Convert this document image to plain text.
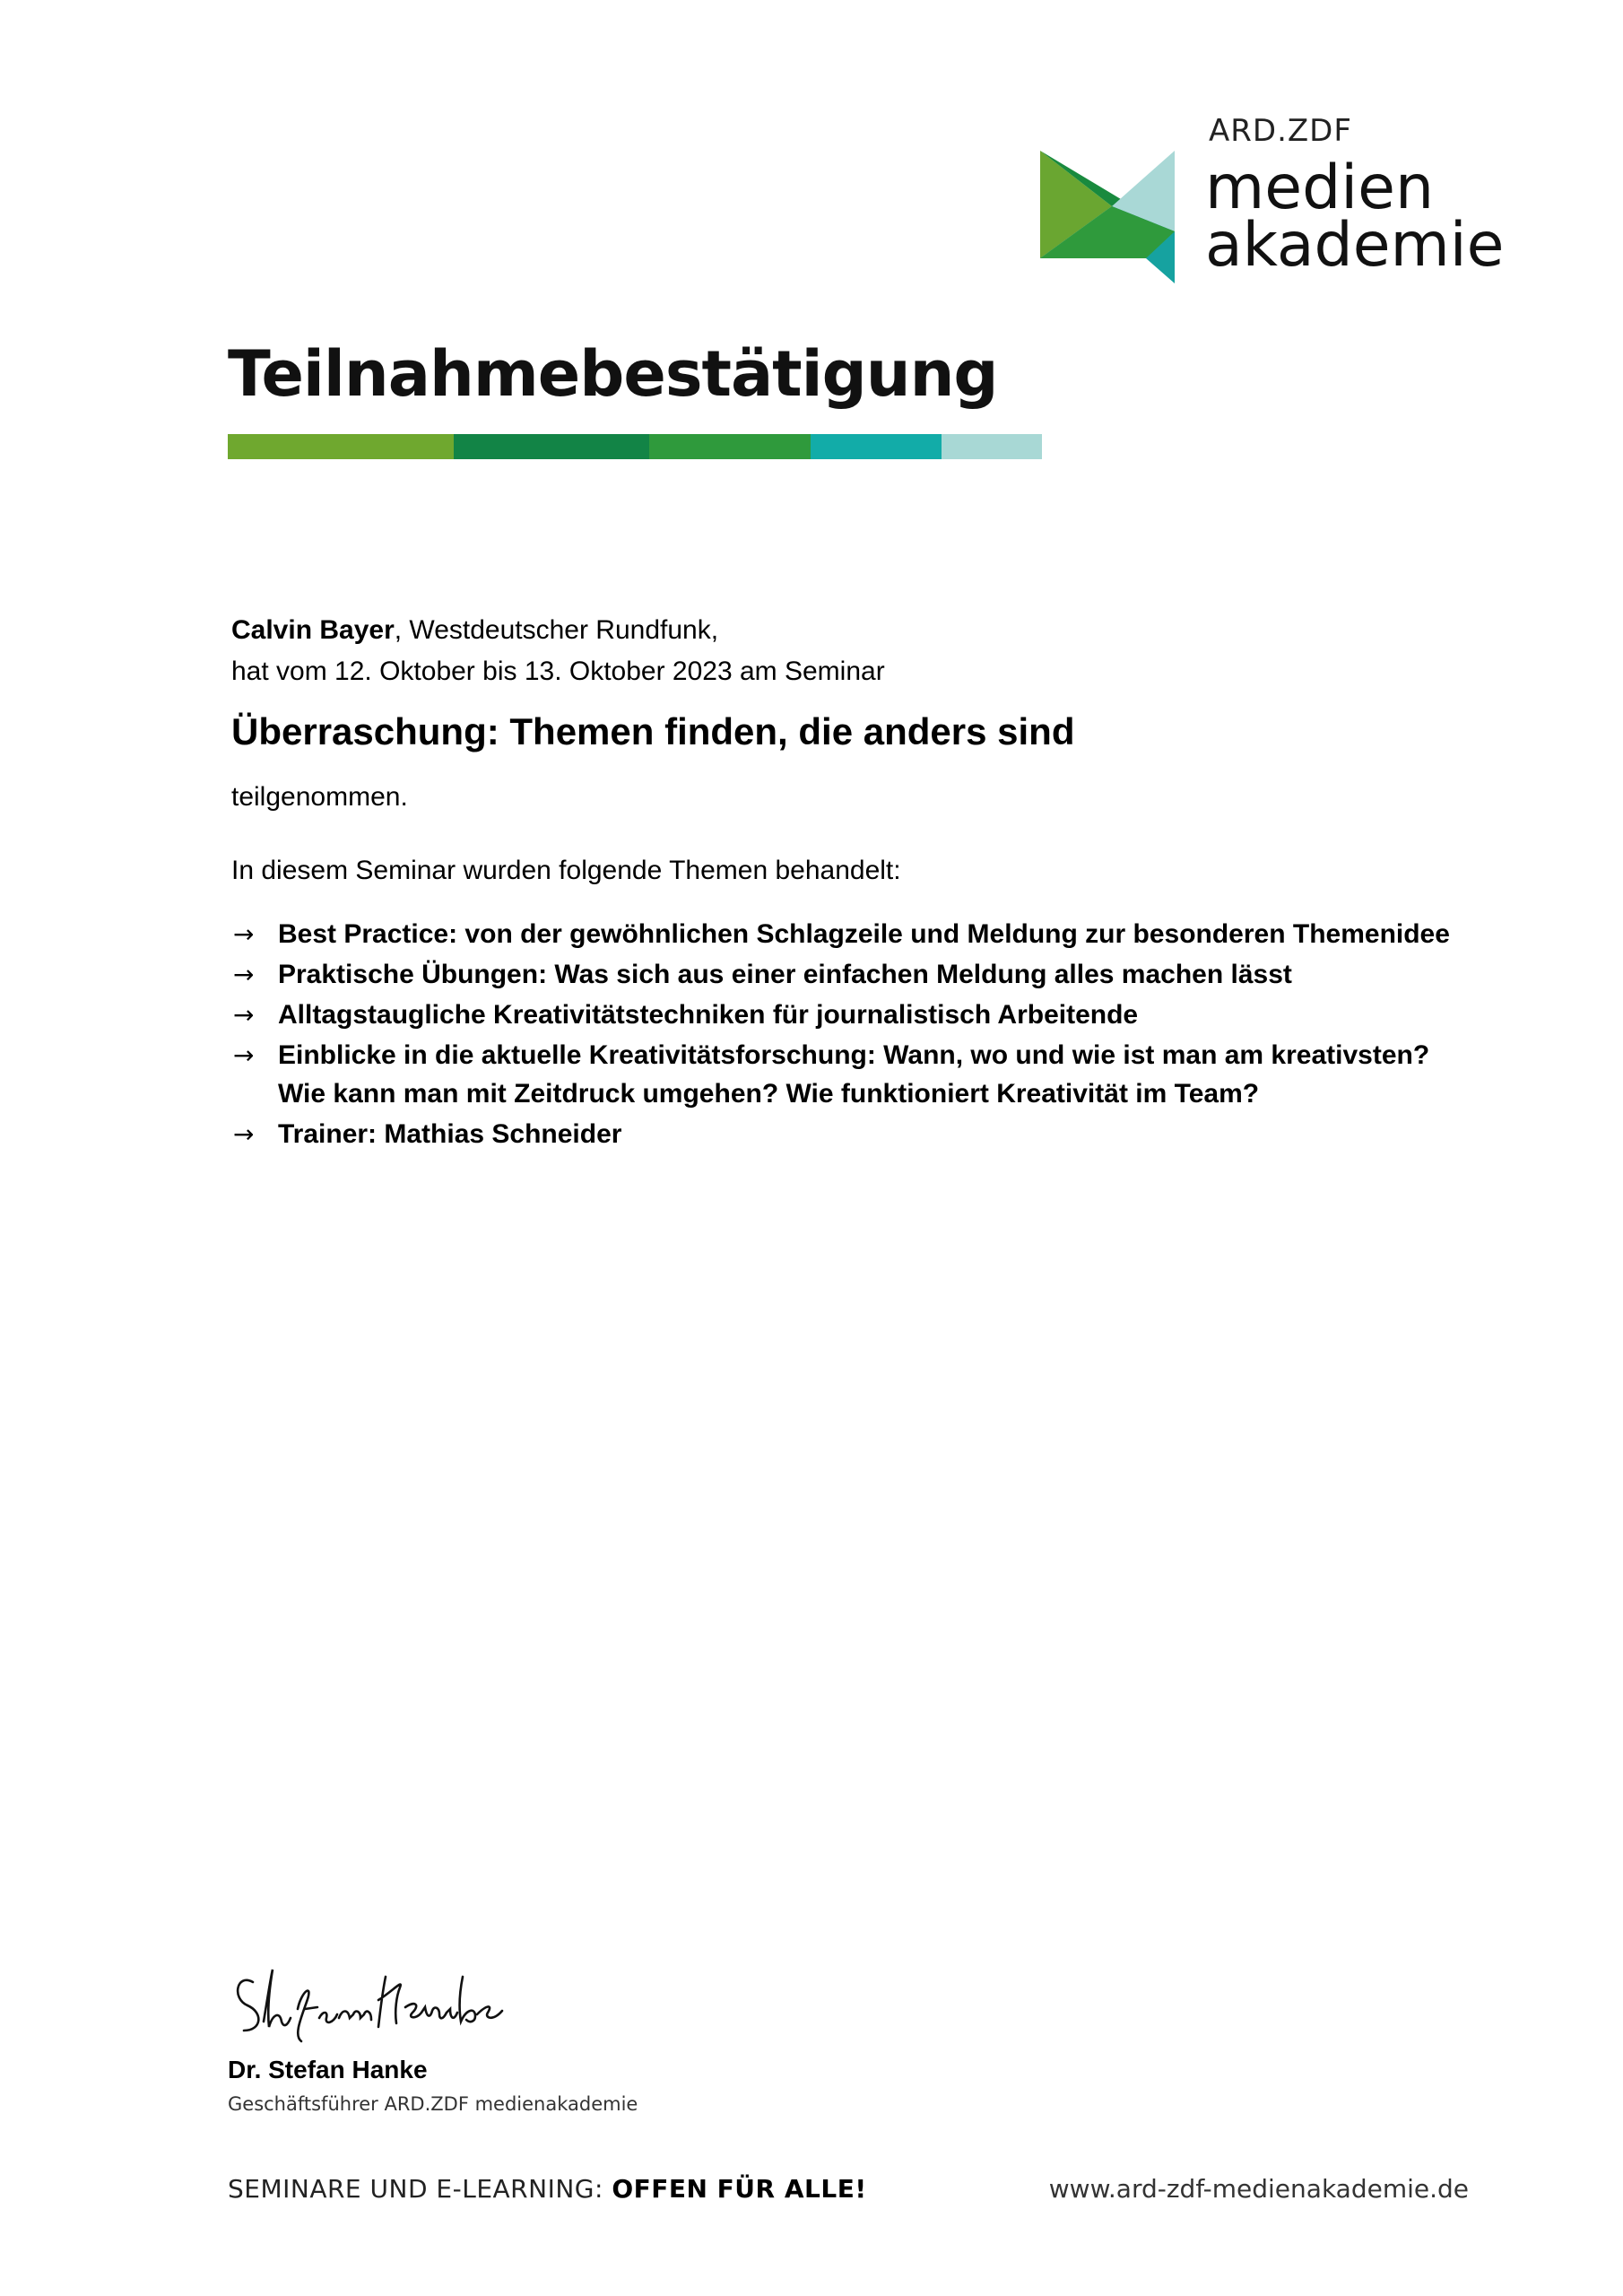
ARD.ZDF
medien
akademie
Teilnahmebestätigung
Calvin Bayer, Westdeutscher Rundfunk,
hat vom 12. Oktober bis 13. Oktober 2023 am Seminar
Überraschung: Themen finden, die anders sind
teilgenommen.
In diesem Seminar wurden folgende Themen behandelt:
→ Best Practice: von der gewöhnlichen Schlagzeile und Meldung zur besonderen Themenidee
→ Praktische Übungen: Was sich aus einer einfachen Meldung alles machen lässt
→ Alltagstaugliche Kreativitätstechniken für journalistisch Arbeitende
→ Einblicke in die aktuelle Kreativitätsforschung: Wann, wo und wie ist man am kreativsten? Wie kann man mit Zeitdruck umgehen? Wie funktioniert Kreativität im Team?
→ Trainer: Mathias Schneider
Dr. Stefan Hanke
Geschäftsführer ARD.ZDF medienakademie
SEMINARE UND E-LEARNING: OFFEN FÜR ALLE!	www.ard-zdf-medienakademie.de
